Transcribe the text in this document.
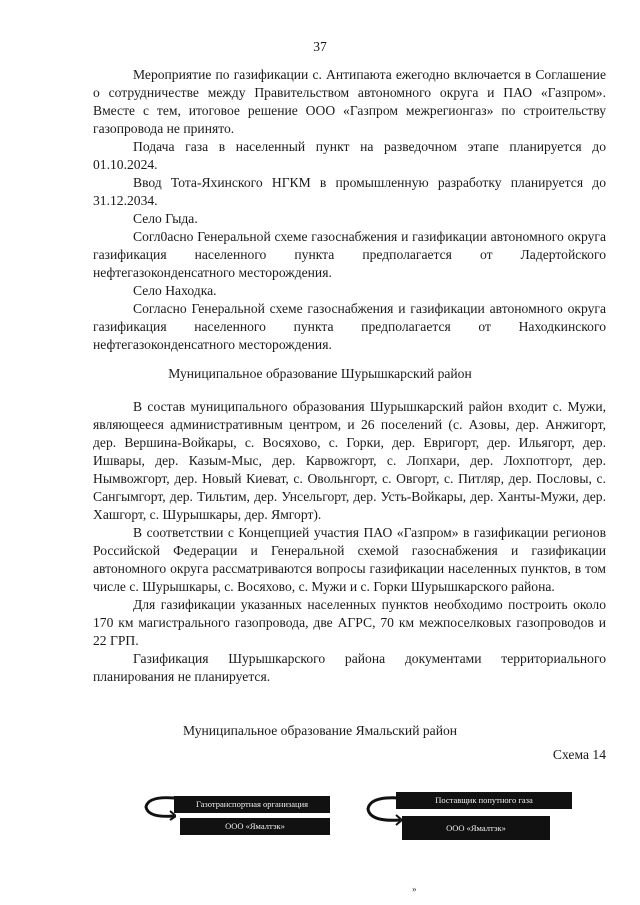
37

Мероприятие по газификации с. Антипаюта ежегодно включается в Соглашение о сотрудничестве между Правительством автономного округа и ПАО «Газпром». Вместе с тем, итоговое решение ООО «Газпром межрегионгаз» по строительству газопровода не принято.

Подача газа в населенный пункт на разведочном этапе планируется до 01.10.2024.

Ввод Тота-Яхинского НГКМ в промышленную разработку планируется до 31.12.2034.

Село Гыда.

Согл0асно Генеральной схеме газоснабжения и газификации автономного округа газификация населенного пункта предполагается от Ладертойского нефтегазоконденсатного месторождения.

Село Находка.

Согласно Генеральной схеме газоснабжения и газификации автономного округа газификация населенного пункта предполагается от Находкинского нефтегазоконденсатного месторождения.

Муниципальное образование Шурышкарский район

В состав муниципального образования Шурышкарский район входит с. Мужи, являющееся административным центром, и 26 поселений (с. Азовы, дер. Анжигорт, дер. Вершина-Войкары, с. Восяхово, с. Горки, дер. Евригорт, дер. Ильягорт, дер. Ишвары, дер. Казым-Мыс, дер. Карвожгорт, с. Лопхари, дер. Лохпотгорт, дер. Нымвожгорт, дер. Новый Киеват, с. Овольнгорт, с. Овгорт, с. Питляр, дер. Пословы, с. Сангымгорт, дер. Тильтим, дер. Унсельгорт, дер. Усть-Войкары, дер. Ханты-Мужи, дер. Хашгорт, с. Шурышкары, дер. Ямгорт).

В соответствии с Концепцией участия ПАО «Газпром» в газификации регионов Российской Федерации и Генеральной схемой газоснабжения и газификации автономного округа рассматриваются вопросы газификации населенных пунктов, в том числе с. Шурышкары, с. Восяхово, с. Мужи и с. Горки Шурышкарского района.

Для газификации указанных населенных пунктов необходимо построить около 170 км магистрального газопровода, две АГРС, 70 км межпоселковых газопроводов и 22 ГРП.

Газификация Шурышкарского района документами территориального планирования не планируется.

Муниципальное образование Ямальский район
Схема 14
Газотранспортная организация
ООО «Ямалтэк»
Поставщик попутного газа
ООО «Ямалтэк»
»
